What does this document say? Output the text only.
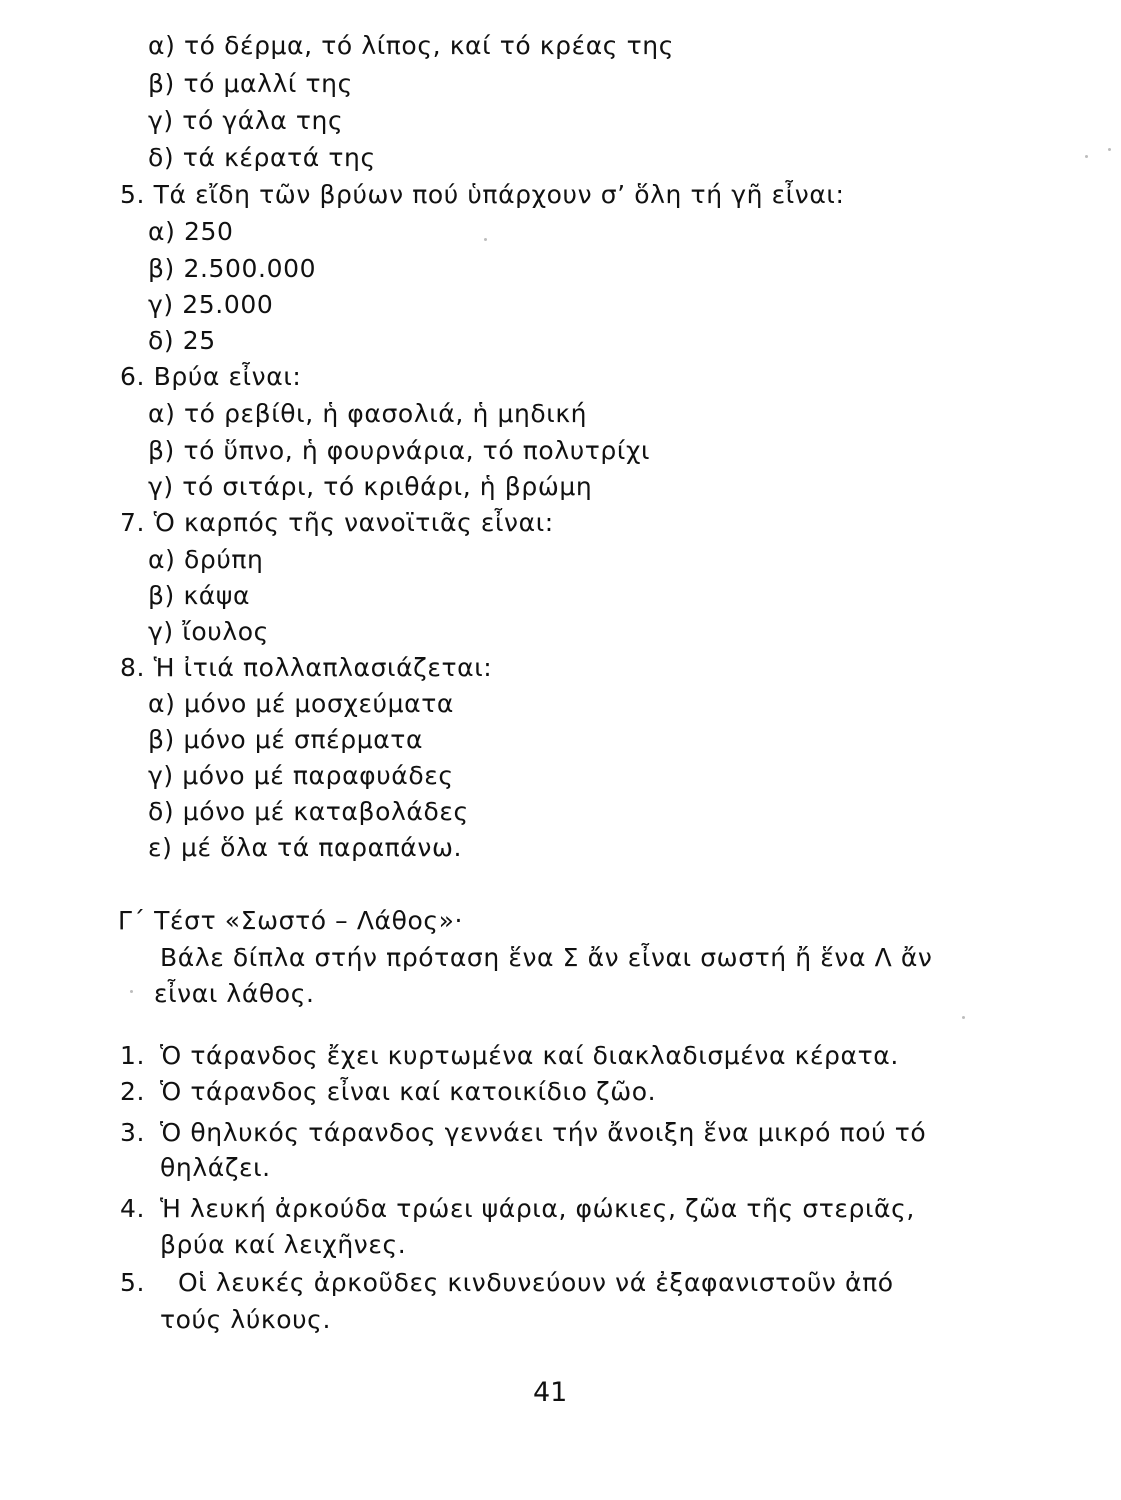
α) τό δέρμα, τό λίπος, καί τό κρέας της
β) τό μαλλί της
γ) τό γάλα της
δ) τά κέρατά της
5. Τά εἴδη τῶν βρύων πού ὑπάρχουν σ’ ὅλη τή γῆ εἶναι:
α) 250
β) 2.500.000
γ) 25.000
δ) 25
6. Βρύα εἶναι:
α) τό ρεβίθι, ἡ φασολιά, ἡ μηδική
β) τό ὕπνο, ἡ φουρνάρια, τό πολυτρίχι
γ) τό σιτάρι, τό κριθάρι, ἡ βρώμη
7. Ὁ καρπός τῆς νανοϊτιᾶς εἶναι:
α) δρύπη
β) κάψα
γ) ἴουλος
8. Ἡ ἰτιά πολλαπλασιάζεται:
α) μόνο μέ μοσχεύματα
β) μόνο μέ σπέρματα
γ) μόνο μέ παραφυάδες
δ) μόνο μέ καταβολάδες
ε) μέ ὅλα τά παραπάνω.
Γ΄ Τέστ «Σωστό – Λάθος»·
Βάλε δίπλα στήν πρόταση ἕνα Σ ἄν εἶναι σωστή ἤ ἕνα Λ ἄν
εἶναι λάθος.
1. Ὁ τάρανδος ἔχει κυρτωμένα καί διακλαδισμένα κέρατα.
2. Ὁ τάρανδος εἶναι καί κατοικίδιο ζῶο.
3. Ὁ θηλυκός τάρανδος γεννάει τήν ἄνοιξη ἕνα μικρό πού τό
θηλάζει.
4. Ἡ λευκή ἀρκούδα τρώει ψάρια, φώκιες, ζῶα τῆς στεριᾶς,
βρύα καί λειχῆνες.
5. Οἱ λευκές ἀρκοῦδες κινδυνεύουν νά ἐξαφανιστοῦν ἀπό
τούς λύκους.
41
